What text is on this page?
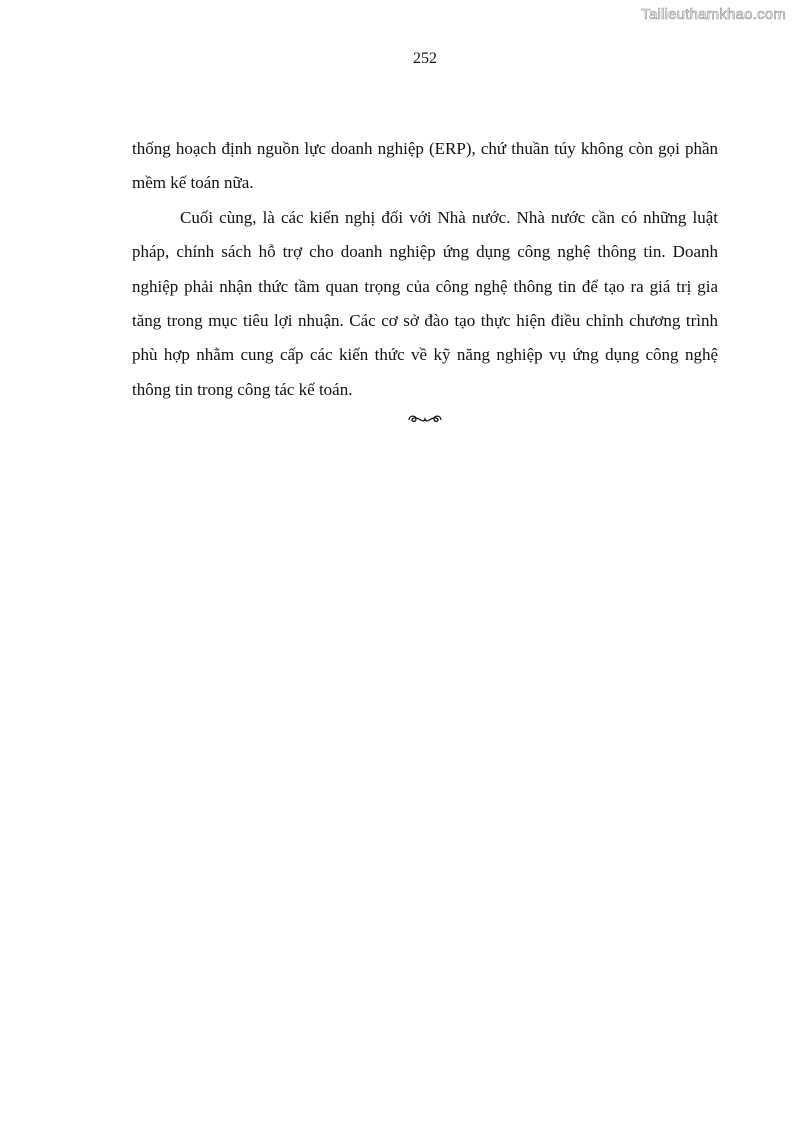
Tailieuthamkhao.com
252

thống hoạch định nguồn lực doanh nghiệp (ERP), chứ thuần túy không còn gọi phần mềm kế toán nữa.

Cuối cùng, là các kiến nghị đối với Nhà nước. Nhà nước cần có những luật pháp, chính sách hỗ trợ cho doanh nghiệp ứng dụng công nghệ thông tin. Doanh nghiệp phải nhận thức tầm quan trọng của công nghệ thông tin để tạo ra giá trị gia tăng trong mục tiêu lợi nhuận. Các cơ sở đào tạo thực hiện điều chỉnh chương trình phù hợp nhằm cung cấp các kiến thức về kỹ năng nghiệp vụ ứng dụng công nghệ thông tin trong công tác kế toán.
